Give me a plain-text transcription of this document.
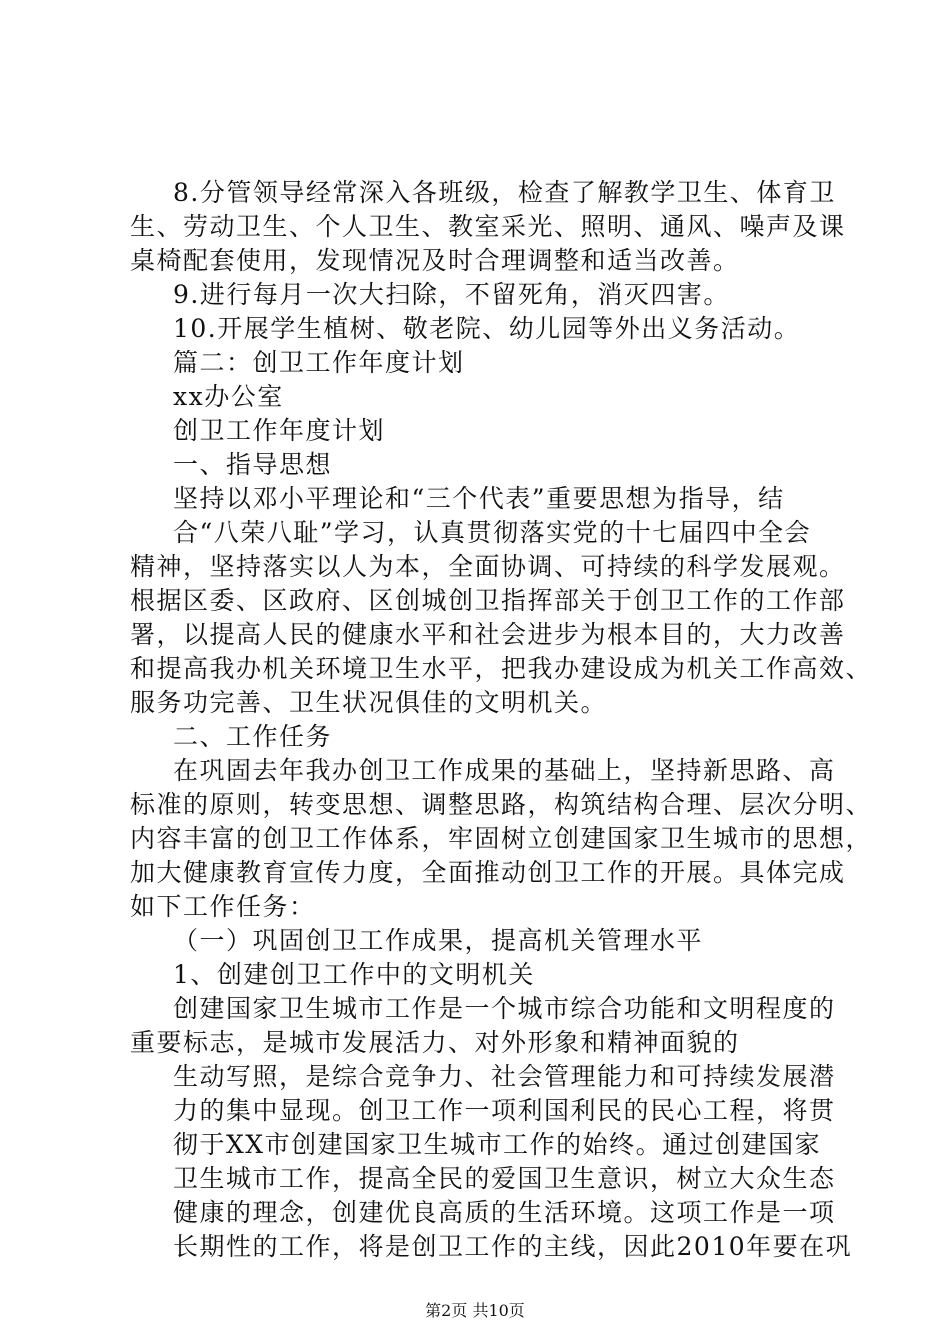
8.分管领导经常深入各班级，检查了解教学卫生、体育卫
生、劳动卫生、个人卫生、教室采光、照明、通风、噪声及课
桌椅配套使用，发现情况及时合理调整和适当改善。
9.进行每月一次大扫除，不留死角，消灭四害。
10.开展学生植树、敬老院、幼儿园等外出义务活动。
篇二：创卫工作年度计划
xx办公室
创卫工作年度计划
一、指导思想
坚持以邓小平理论和“三个代表”重要思想为指导，结
合“八荣八耻”学习，认真贯彻落实党的十七届四中全会
精神，坚持落实以人为本，全面协调、可持续的科学发展观。
根据区委、区政府、区创城创卫指挥部关于创卫工作的工作部
署，以提高人民的健康水平和社会进步为根本目的，大力改善
和提高我办机关环境卫生水平，把我办建设成为机关工作高效、
服务功完善、卫生状况俱佳的文明机关。
二、工作任务
在巩固去年我办创卫工作成果的基础上，坚持新思路、高
标准的原则，转变思想、调整思路，构筑结构合理、层次分明、
内容丰富的创卫工作体系，牢固树立创建国家卫生城市的思想，
加大健康教育宣传力度，全面推动创卫工作的开展。具体完成
如下工作任务：
（一）巩固创卫工作成果，提高机关管理水平
1、创建创卫工作中的文明机关
创建国家卫生城市工作是一个城市综合功能和文明程度的
重要标志，是城市发展活力、对外形象和精神面貌的
生动写照，是综合竞争力、社会管理能力和可持续发展潜
力的集中显现。创卫工作一项利国利民的民心工程，将贯
彻于XX市创建国家卫生城市工作的始终。通过创建国家
卫生城市工作，提高全民的爱国卫生意识，树立大众生态
健康的理念，创建优良高质的生活环境。这项工作是一项
长期性的工作，将是创卫工作的主线，因此2010年要在巩
第2页 共10页
